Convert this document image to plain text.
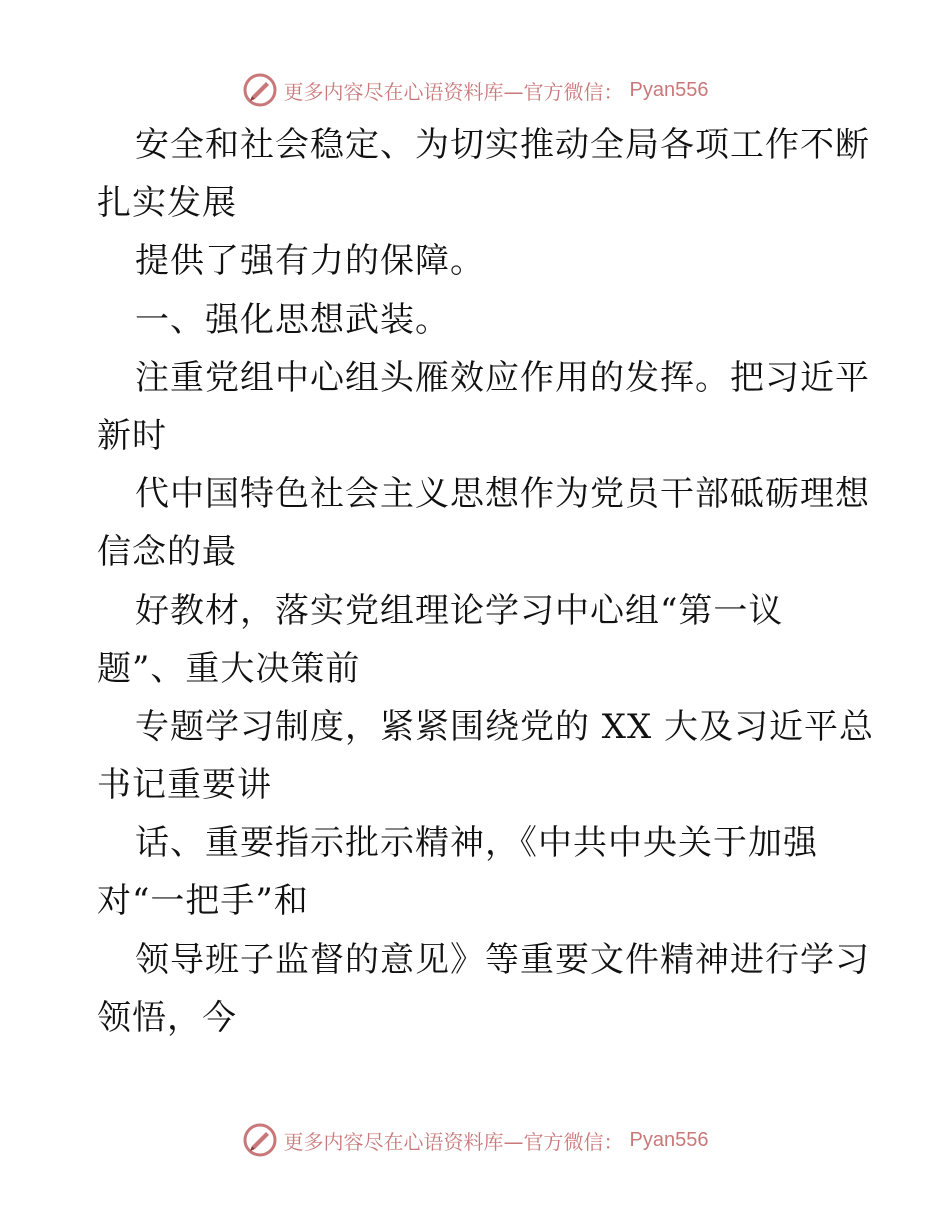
更多内容尽在心语资料库—官方微信： Pyan556
安全和社会稳定、为切实推动全局各项工作不断
扎实发展
提供了强有力的保障。
一、强化思想武装。
注重党组中心组头雁效应作用的发挥。把习近平
新时
代中国特色社会主义思想作为党员干部砥砺理想
信念的最
好教材，落实党组理论学习中心组“第一议
题”、重大决策前
专题学习制度，紧紧围绕党的 XX 大及习近平总
书记重要讲
话、重要指示批示精神，《中共中央关于加强
对“一把手”和
领导班子监督的意见》等重要文件精神进行学习
领悟，今
更多内容尽在心语资料库—官方微信： Pyan556
